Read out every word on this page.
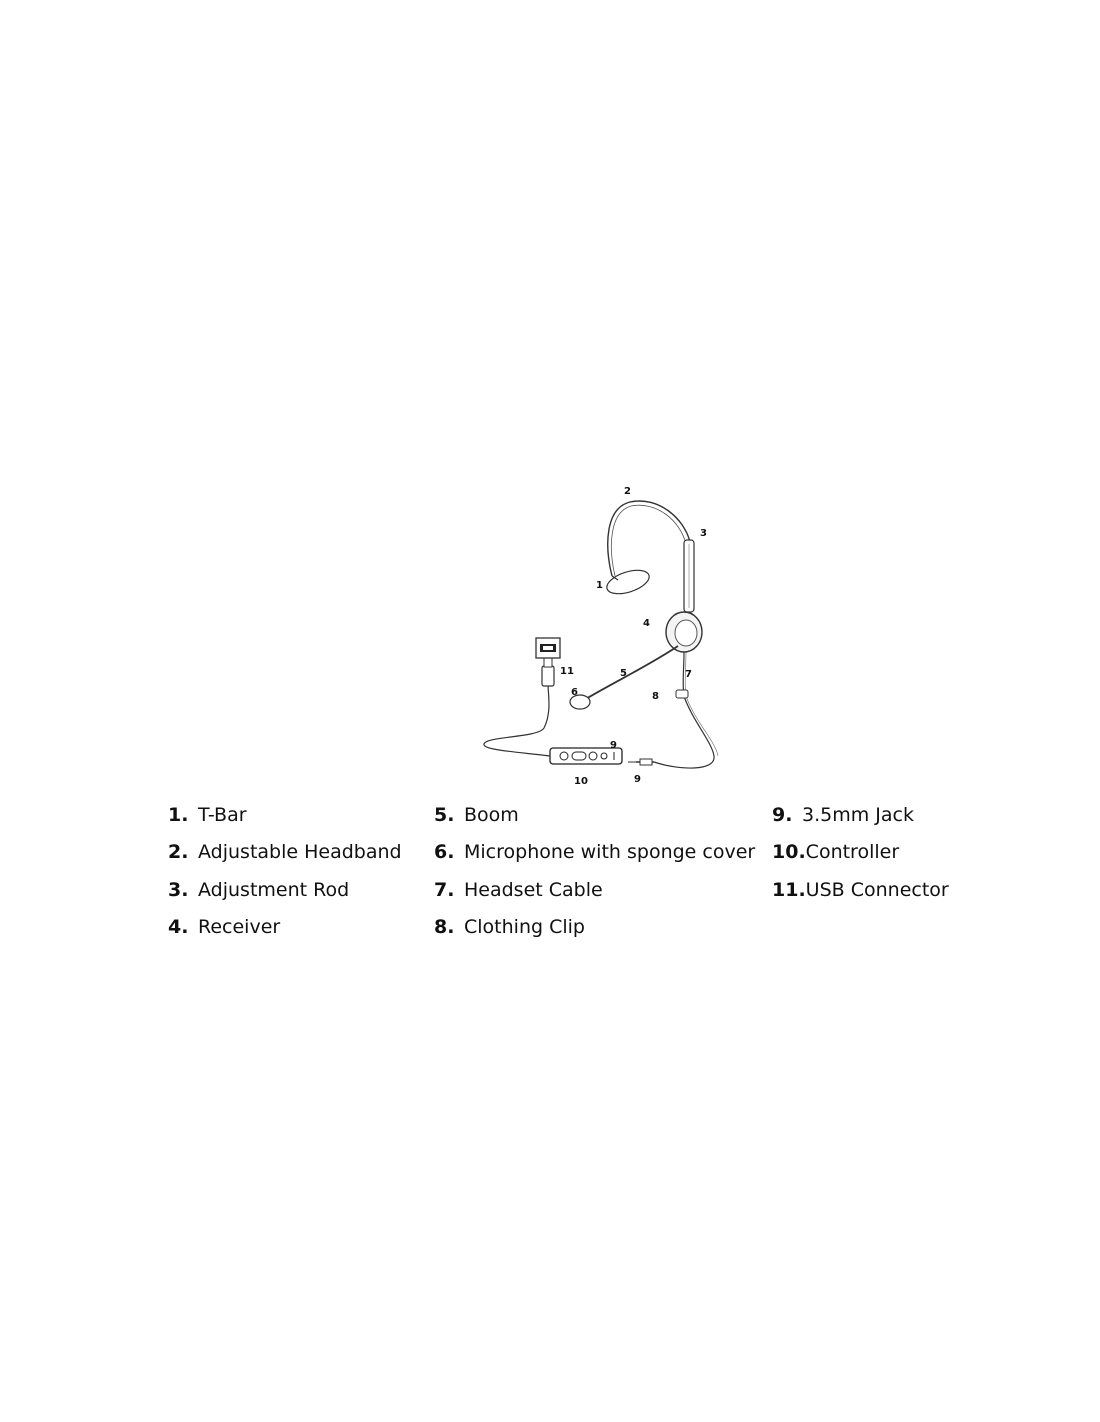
1
2
3
4
5
6
7
8
9
9
10
11
1. T-Bar
2. Adjustable Headband
3. Adjustment Rod
4. Receiver
5. Boom
6. Microphone with sponge cover
7. Headset Cable
8. Clothing Clip
9. 3.5mm Jack
10.Controller
11.USB Connector
